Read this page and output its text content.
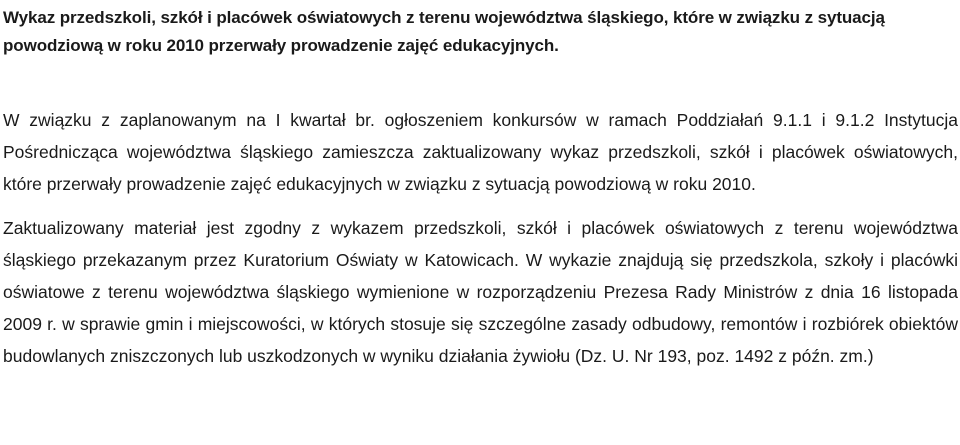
Wykaz przedszkoli, szkół i placówek oświatowych z terenu województwa śląskiego, które w związku z sytuacją powodziową w roku 2010 przerwały prowadzenie zajęć edukacyjnych.

W związku z zaplanowanym na I kwartał br. ogłoszeniem konkursów w ramach Poddziałań 9.1.1 i 9.1.2 Instytucja Pośrednicząca województwa śląskiego zamieszcza zaktualizowany wykaz przedszkoli, szkół i placówek oświatowych, które przerwały prowadzenie zajęć edukacyjnych w związku z sytuacją powodziową w roku 2010.

Zaktualizowany materiał jest zgodny z wykazem przedszkoli, szkół i placówek oświatowych z terenu województwa śląskiego przekazanym przez Kuratorium Oświaty w Katowicach. W wykazie znajdują się przedszkola, szkoły i placówki oświatowe z terenu województwa śląskiego wymienione w rozporządzeniu Prezesa Rady Ministrów z dnia 16 listopada 2009 r. w sprawie gmin i miejscowości, w których stosuje się szczególne zasady odbudowy, remontów i rozbiórek obiektów budowlanych zniszczonych lub uszkodzonych w wyniku działania żywiołu (Dz. U. Nr 193, poz. 1492 z późn. zm.)
